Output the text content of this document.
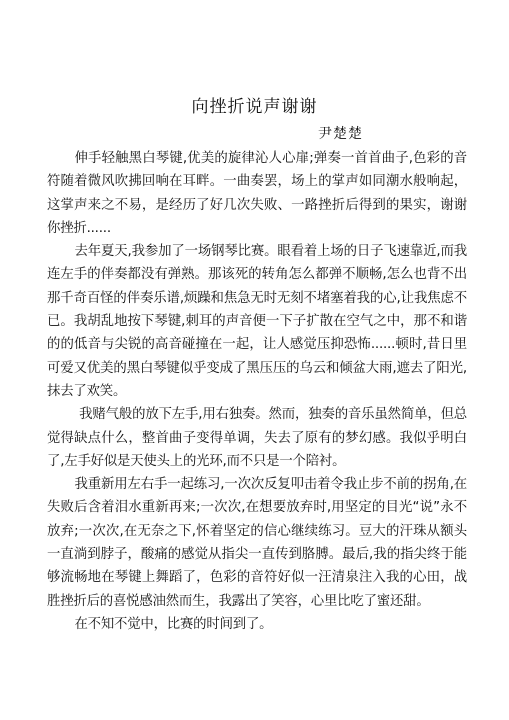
向挫折说声谢谢
尹楚楚

伸手轻触黑白琴键,优美的旋律沁人心扉;弹奏一首首曲子,色彩的音符随着微风吹拂回响在耳畔。一曲奏罢，场上的掌声如同潮水般响起，这掌声来之不易，是经历了好几次失败、一路挫折后得到的果实，谢谢你挫折......

去年夏天,我参加了一场钢琴比赛。眼看着上场的日子飞速靠近,而我连左手的伴奏都没有弹熟。那该死的转角怎么都弹不顺畅,怎么也背不出那千奇百怪的伴奏乐谱,烦躁和焦急无时无刻不堵塞着我的心,让我焦虑不已。我胡乱地按下琴键,刺耳的声音便一下子扩散在空气之中，那不和谐的的低音与尖锐的高音碰撞在一起，让人感觉压抑恐怖......顿时,昔日里可爱又优美的黑白琴键似乎变成了黑压压的乌云和倾盆大雨,遮去了阳光,抹去了欢笑。

我赌气般的放下左手,用右独奏。然而，独奏的音乐虽然简单，但总觉得缺点什么，整首曲子变得单调，失去了原有的梦幻感。我似乎明白了,左手好似是天使头上的光环,而不只是一个陪衬。

我重新用左右手一起练习,一次次反复叩击着令我止步不前的拐角,在失败后含着泪水重新再来;一次次,在想要放弃时,用坚定的目光“说”永不放弃;一次次,在无奈之下,怀着坚定的信心继续练习。豆大的汗珠从额头一直淌到脖子，酸痛的感觉从指尖一直传到胳膊。最后,我的指尖终于能够流畅地在琴键上舞蹈了，色彩的音符好似一汪清泉注入我的心田，战胜挫折后的喜悦感油然而生，我露出了笑容，心里比吃了蜜还甜。

在不知不觉中，比赛的时间到了。
